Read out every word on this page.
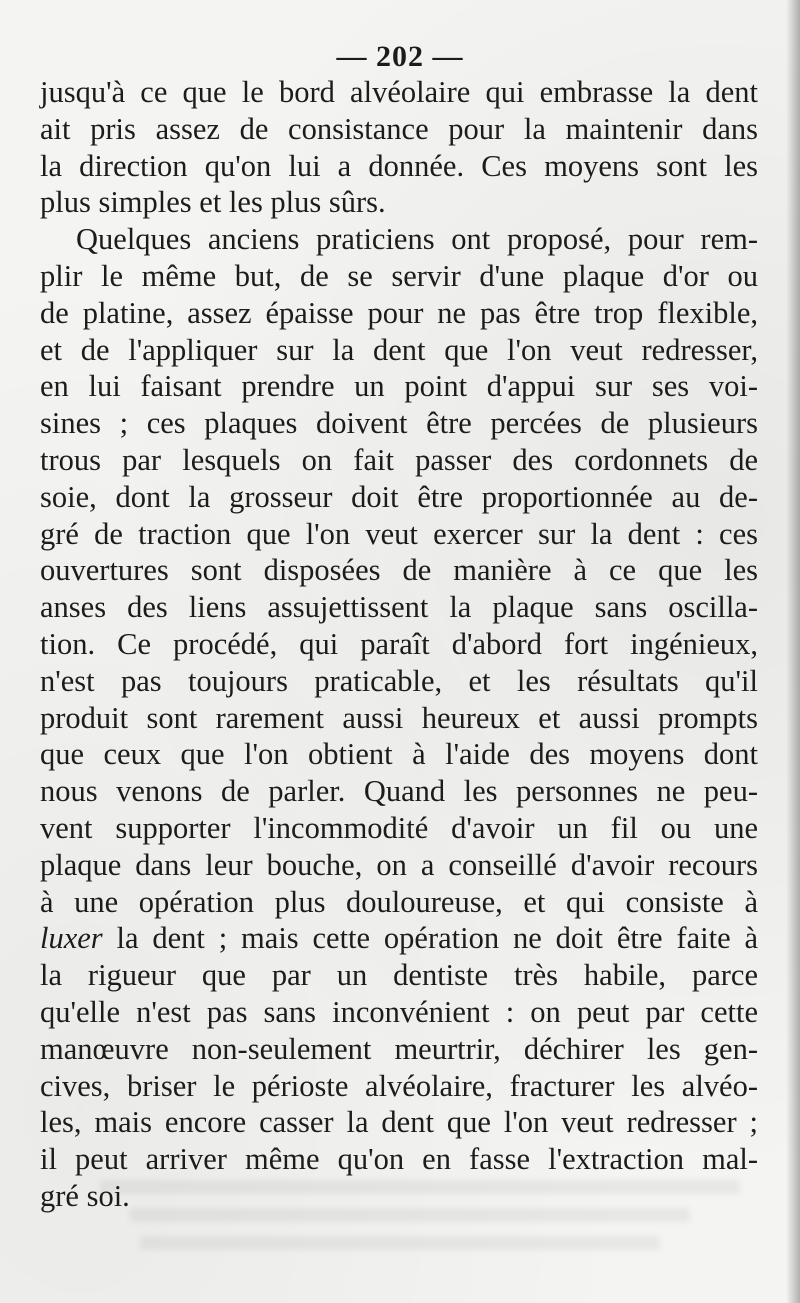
— 202 —
jusqu'à ce que le bord alvéolaire qui embrasse la dent
ait pris assez de consistance pour la maintenir dans
la direction qu'on lui a donnée. Ces moyens sont les
plus simples et les plus sûrs.
Quelques anciens praticiens ont proposé, pour rem-
plir le même but, de se servir d'une plaque d'or ou
de platine, assez épaisse pour ne pas être trop flexible,
et de l'appliquer sur la dent que l'on veut redresser,
en lui faisant prendre un point d'appui sur ses voi-
sines ; ces plaques doivent être percées de plusieurs
trous par lesquels on fait passer des cordonnets de
soie, dont la grosseur doit être proportionnée au de-
gré de traction que l'on veut exercer sur la dent : ces
ouvertures sont disposées de manière à ce que les
anses des liens assujettissent la plaque sans oscilla-
tion. Ce procédé, qui paraît d'abord fort ingénieux,
n'est pas toujours praticable, et les résultats qu'il
produit sont rarement aussi heureux et aussi prompts
que ceux que l'on obtient à l'aide des moyens dont
nous venons de parler. Quand les personnes ne peu-
vent supporter l'incommodité d'avoir un fil ou une
plaque dans leur bouche, on a conseillé d'avoir recours
à une opération plus douloureuse, et qui consiste à
luxer la dent ; mais cette opération ne doit être faite à
la rigueur que par un dentiste très habile, parce
qu'elle n'est pas sans inconvénient : on peut par cette
manœuvre non-seulement meurtrir, déchirer les gen-
cives, briser le périoste alvéolaire, fracturer les alvéo-
les, mais encore casser la dent que l'on veut redresser ;
il peut arriver même qu'on en fasse l'extraction mal-
gré soi.
